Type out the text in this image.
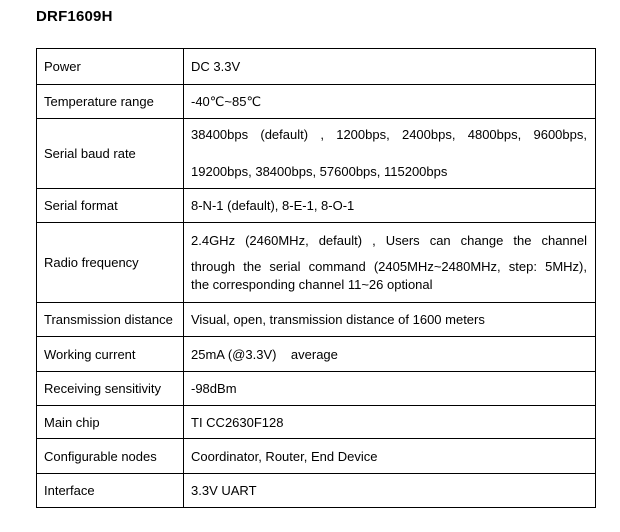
DRF1609H
Power	DC 3.3V
Temperature range	-40℃~85℃
Serial baud rate	38400bps (default) , 1200bps, 2400bps, 4800bps, 9600bps,
19200bps, 38400bps, 57600bps, 115200bps

Serial format	8-N-1 (default), 8-E-1, 8-O-1
Radio frequency	2.4GHz (2460MHz, default) , Users can change the channel
through the serial command (2405MHz~2480MHz, step: 5MHz),
the corresponding channel 11~26 optional

Transmission distance	Visual, open, transmission distance of 1600 meters
Working current	25mA (@3.3V)    average
Receiving sensitivity	-98dBm
Main chip	TI CC2630F128
Configurable nodes	Coordinator, Router, End Device
Interface	3.3V UART
